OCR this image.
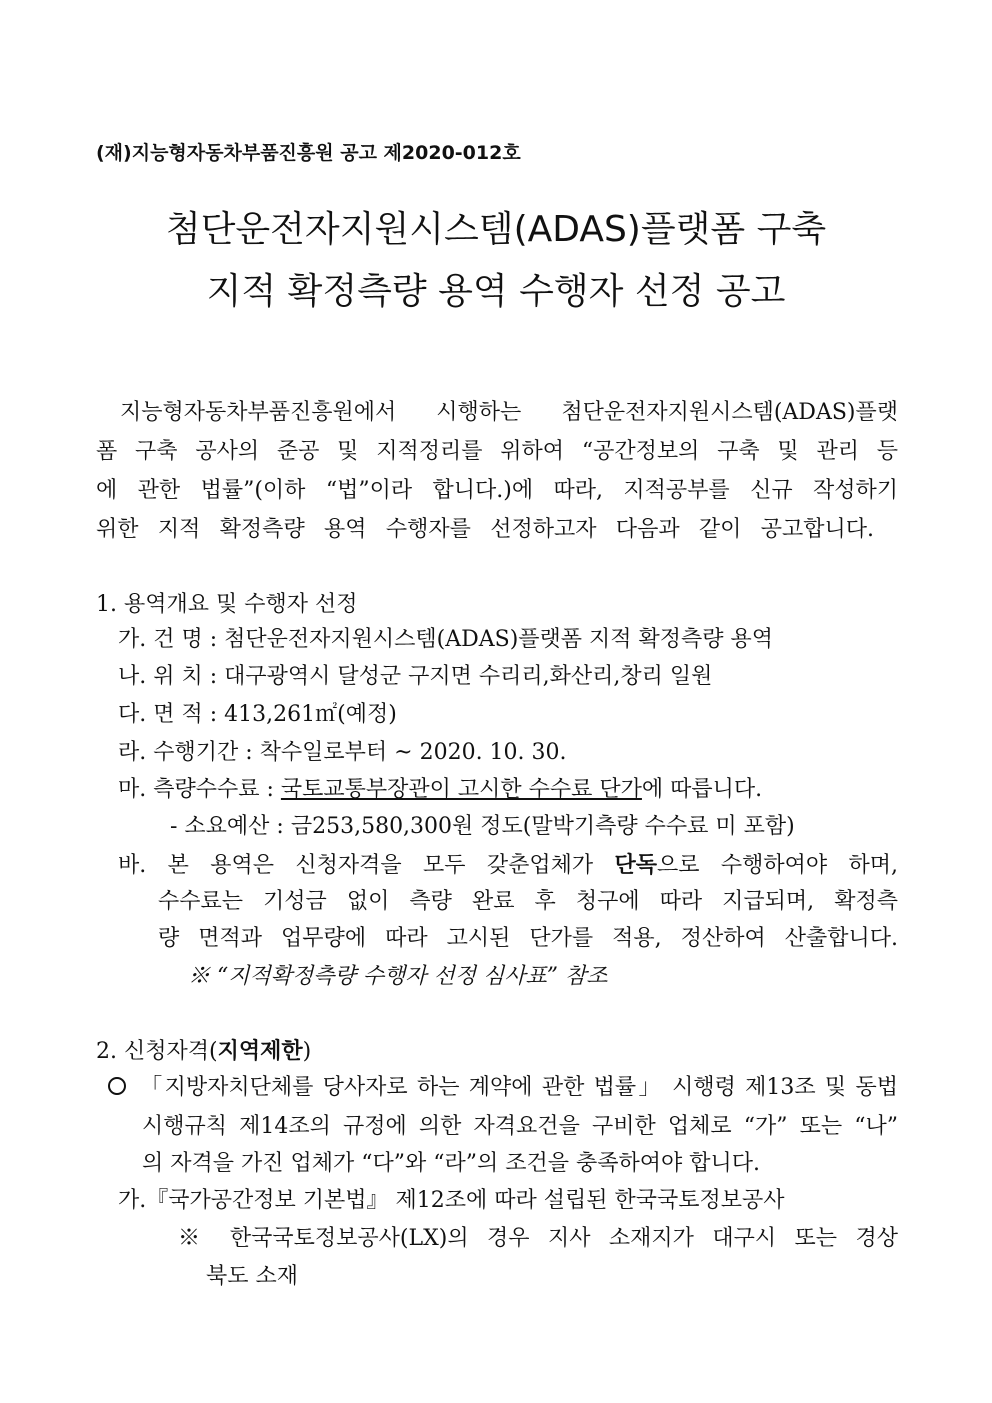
(재)지능형자동차부품진흥원 공고 제2020-012호
첨단운전자지원시스템(ADAS)플랫폼 구축
지적 확정측량 용역 수행자 선정 공고
지능형자동차부품진흥원에서 시행하는 첨단운전자지원시스템(ADAS)플랫
폼 구축 공사의 준공 및 지적정리를 위하여 “공간정보의 구축 및 관리 등
에 관한 법률”(이하 “법”이라 합니다.)에 따라, 지적공부를 신규 작성하기
위한 지적 확정측량 용역 수행자를 선정하고자 다음과 같이 공고합니다.
1. 용역개요 및 수행자 선정
가. 건 명 : 첨단운전자지원시스템(ADAS)플랫폼 지적 확정측량 용역
나. 위 치 : 대구광역시 달성군 구지면 수리리,화산리,창리 일원
다. 면 적 : 413,261㎡(예정)
라. 수행기간 : 착수일로부터 ~ 2020. 10. 30.
마. 측량수수료 : 국토교통부장관이 고시한 수수료 단가에 따릅니다.
- 소요예산 : 금253,580,300원 정도(말박기측량 수수료 미 포함)
바. 본 용역은 신청자격을 모두 갖춘업체가 단독으로 수행하여야 하며,
수수료는 기성금 없이 측량 완료 후 청구에 따라 지급되며, 확정측
량 면적과 업무량에 따라 고시된 단가를 적용, 정산하여 산출합니다.
※ “지적확정측량 수행자 선정 심사표” 참조
2. 신청자격(지역제한)
「지방자치단체를 당사자로 하는 계약에 관한 법률」 시행령 제13조 및 동법
시행규칙 제14조의 규정에 의한 자격요건을 구비한 업체로 “가” 또는 “나”
의 자격을 가진 업체가 “다”와 “라”의 조건을 충족하여야 합니다.
가.『국가공간정보 기본법』 제12조에 따라 설립된 한국국토정보공사
※ 한국국토정보공사(LX)의 경우 지사 소재지가 대구시 또는 경상
북도 소재
